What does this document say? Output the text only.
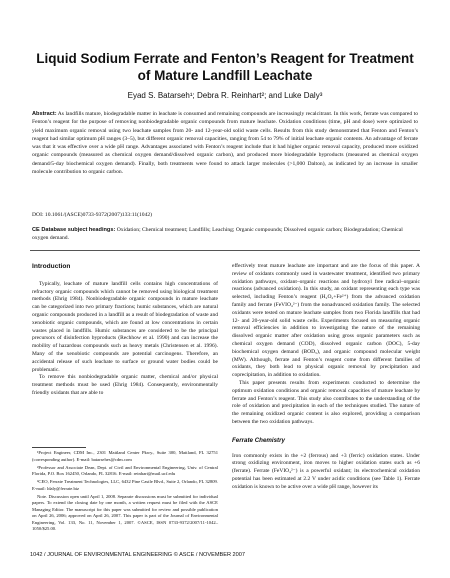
Liquid Sodium Ferrate and Fenton’s Reagent for Treatment
of Mature Landfill Leachate
Eyad S. Batarseh¹; Debra R. Reinhart²; and Luke Daly³
Abstract: As landfills mature, biodegradable matter in leachate is consumed and remaining compounds are increasingly recalcitrant. In this work, ferrate was compared to Fenton’s reagent for the purpose of removing nonbiodegradable organic compounds from mature leachate. Oxidation conditions (time, pH and dose) were optimized to yield maximum organic removal using two leachate samples from 20- and 12-year-old solid waste cells. Results from this study demonstrated that Fenton and Fenton’s reagent had similar optimum pH ranges (3–5), but different organic removal capacities, ranging from 54 to 79% of initial leachate organic contents. An advantage of ferrate was that it was effective over a wide pH range. Advantages associated with Fenton’s reagent include that it had higher organic removal capacity, produced more oxidized organic compounds (measured as chemical oxygen demand/dissolved organic carbon), and produced more biodegradable byproducts (measured as chemical oxygen demand/5-day biochemical oxygen demand). Finally, both treatments were found to attack larger molecules (>1,000 Dalton), as indicated by an increase in smaller molecule contribution to organic carbon.
DOI: 10.1061/(ASCE)0733-9372(2007)133:11(1042)
CE Database subject headings: Oxidation; Chemical treatment; Landfills; Leaching; Organic compounds; Dissolved organic carbon; Biodegradation; Chemical oxygen demand.
Introduction

Typically, leachate of mature landfill cells contains high concentrations of refractory organic compounds which cannot be removed using biological treatment methods (Ehrig 1984). Nonbiodegradable organic compounds in mature leachate can be categorized into two primary fractions; humic substances, which are natural organic compounds produced in a landfill as a result of biodegradation of waste and xenobiotic organic compounds, which are found at low concentrations in certain wastes placed in landfills. Humic substances are considered to be the principal precursors of disinfection byproducts (Rechhow et al. 1990) and can increase the mobility of hazardous compounds such as heavy metals (Christensen et al. 1996). Many of the xenobiotic compounds are potential carcinogens. Therefore, an accidental release of such leachate to surface or ground water bodies could be problematic.

To remove this nonbiodegradable organic matter, chemical and/or physical treatment methods must be used (Ehrig 1984). Consequently, environmentally friendly oxidants that are able to

¹Project Engineer, CDM Inc., 2301 Maitland Center Pkwy., Suite 300, Maitland, FL 32751 (corresponding author). E-mail: batarsehes@cdm.com

²Professor and Associate Dean, Dept. of Civil and Environmental Engineering, Univ. of Central Florida, P.O. Box 162450, Orlando, FL 32816. E-mail: reinhart@mail.ucf.edu

³CEO, Ferrate Treatment Technologies, LLC, 6432 Pine Castle Blvd., Suite 2, Orlando, FL 32809. E-mail: ldaly@ferrate.biz

Note. Discussion open until April 1, 2008. Separate discussions must be submitted for individual papers. To extend the closing date by one month, a written request must be filed with the ASCE Managing Editor. The manuscript for this paper was submitted for review and possible publication on April 26, 2006; approved on April 26, 2007. This paper is part of the Journal of Environmental Engineering, Vol. 133, No. 11, November 1, 2007. ©ASCE, ISSN 0733-9372/2007/11-1042–1050/$25.00.

effectively treat mature leachate are important and are the focus of this paper. A review of oxidants commonly used in wastewater treatment, identified two primary oxidation pathways, oxidant–organic reactions and hydroxyl free radical–organic reactions (advanced oxidation). In this study, an oxidant representing each type was selected, including Fenton’s reagent (H₂O₂+Fe²⁺) from the advanced oxidation family and ferrate (FeVIO₄²⁻) from the nonadvanced oxidation family. The selected oxidants were tested on mature leachate samples from two Florida landfills that had 12- and 20-year-old solid waste cells. Experiments focused on measuring organic removal efficiencies in addition to investigating the nature of the remaining dissolved organic matter after oxidation using gross organic parameters such as chemical oxygen demand (COD), dissolved organic carbon (DOC), 5-day biochemical oxygen demand (BOD₅), and organic compound molecular weight (MW). Although, ferrate and Fenton’s reagent come from different families of oxidants, they both lead to physical organic removal by precipitation and coprecipitation, in addition to oxidation.

This paper presents results from experiments conducted to determine the optimum oxidation conditions and organic removal capacities of mature leachate by ferrate and Fenton’s reagent. This study also contributes to the understanding of the role of oxidation and precipitation in each of the techniques studied. The nature of the remaining oxidized organic content is also explored, providing a comparison between the two oxidation pathways.

Ferrate Chemistry

Iron commonly exists in the +2 (ferrous) and +3 (ferric) oxidation states. Under strong oxidizing environment, iron moves to higher oxidation states such as +6 (ferrate). Ferrate (FeVIO₄²⁻) is a powerful oxidant; its electrochemical oxidation potential has been estimated at 2.2 V under acidic conditions (see Table 1). Ferrate oxidation is known to be active over a wide pH range, however its

1042 / JOURNAL OF ENVIRONMENTAL ENGINEERING © ASCE / NOVEMBER 2007
